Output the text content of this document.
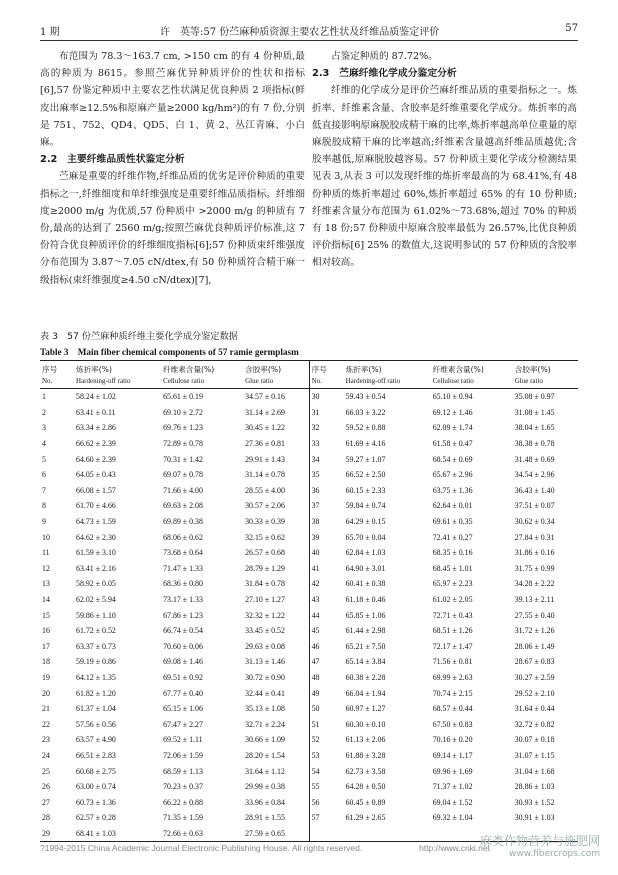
1 期	许　英等:57 份苎麻种质资源主要农艺性状及纤维品质鉴定评价	57

布范围为 78.3～163.7 cm, >150 cm 的有 4 份种质,最高的种质为 8615。参照苎麻优异种质评价的性状和指标[6],57 份鉴定种质中主要农艺性状满足优良种质 2 项指标(鲜皮出麻率≥12.5%和原麻产量≥2000 kg/hm²)的有 7 份,分别是 751、752、QD4、QD5、白 1、黄 2、丛江青麻、小白麻。

2.2　主要纤维品质性状鉴定分析

苎麻是重要的纤维作物,纤维品质的优劣是评价种质的重要指标之一,纤维细度和单纤维强度是重要纤维品质指标。纤维细度≥2000 m/g 为优质,57 份种质中 >2000 m/g 的种质有 7 份,最高的达到了 2560 m/g;按照苎麻优良种质评价标准,这 7 份符合优良种质评价的纤维细度指标[6];57 份种质束纤维强度分布范围为 3.87～7.05 cN/dtex,有 50 份种质符合精干麻一级指标(束纤维强度≥4.50 cN/dtex)[7],

占鉴定种质的 87.72%。

2.3　苎麻纤维化学成分鉴定分析

纤维的化学成分是评价苎麻纤维品质的重要指标之一。炼折率、纤维素含量、含胶率是纤维重要化学成分。炼折率的高低直接影响原麻脱胶成精干麻的比率,炼折率越高单位重量的原麻脱胶成精干麻的比率越高;纤维素含量越高纤维品质越优;含胶率越低,原麻脱胶越容易。57 份种质主要化学成分检测结果见表 3,从表 3 可以发现纤维的炼折率最高的为 68.41%,有 48 份种质的炼折率超过 60%,炼折率超过 65% 的有 10 份种质;纤维素含量分布范围为 61.02%～73.68%,超过 70% 的种质有 18 份;57 份种质中原麻含胶率最低为 26.57%,比优良种质评价指标[6] 25% 的数值大,这说明参试的 57 份种质的含胶率相对较高。

表 3　57 份苎麻种质纤维主要化学成分鉴定数据
Table 3　Main fiber chemical components of 57 ramie germplasm
序号	炼折率(%)	纤维素含量(%)	含胶率(%)	序号	炼折率(%)	纤维素含量(%)	含胶率(%)
No.	Hardening-off ratio	Cellulose ratio	Glue ratio	No.	Hardening-off ratio	Cellulose ratio	Glue ratio
1	58.24 ± 1.02	65.61 ± 0.19	34.57 ± 0.16	30	59.43 ± 0.54	65.10 ± 0.94	35.08 ± 0.97
2	63.41 ± 0.11	69.10 ± 2.72	31.14 ± 2.69	31	66.03 ± 3.22	69.12 ± 1.46	31.08 ± 1.45
3	63.34 ± 2.86	69.76 ± 1.23	30.45 ± 1.22	32	59.52 ± 0.88	62.09 ± 1.74	38.04 ± 1.65
4	66.62 ± 2.39	72.89 ± 0.78	27.36 ± 0.81	33	61.69 ± 4.16	61.58 ± 0.47	38.38 ± 0.78
5	64.60 ± 2.39	70.31 ± 1.42	29.91 ± 1.43	34	59.27 ± 1.07	68.54 ± 0.69	31.48 ± 0.69
6	64.05 ± 0.43	69.07 ± 0.78	31.14 ± 0.78	35	66.52 ± 2.50	65.67 ± 2.96	34.54 ± 2.96
7	66.08 ± 1.57	71.66 ± 4.00	28.55 ± 4.00	36	60.15 ± 2.33	63.75 ± 1.36	36.43 ± 1.40
8	61.70 ± 4.66	69.63 ± 2.08	30.57 ± 2.06	37	59.84 ± 0.74	62.64 ± 0.01	37.51 ± 0.07
9	64.73 ± 1.59	69.89 ± 0.38	30.33 ± 0.39	38	64.29 ± 0.15	69.61 ± 0.35	30.62 ± 0.34
10	64.62 ± 2.30	68.06 ± 0.62	32.15 ± 0.62	39	65.70 ± 0.04	72.41 ± 0.27	27.84 ± 0.31
11	61.59 ± 3.10	73.68 ± 0.64	26.57 ± 0.68	40	62.84 ± 1.03	68.35 ± 0.16	31.86 ± 0.16
12	63.41 ± 2.16	71.47 ± 1.33	28.79 ± 1.29	41	64.90 ± 3.01	68.45 ± 1.01	31.75 ± 0.99
13	58.92 ± 0.05	68.36 ± 0.80	31.84 ± 0.78	42	60.41 ± 0.38	65.97 ± 2.23	34.28 ± 2.22
14	62.02 ± 5.94	73.17 ± 1.33	27.10 ± 1.27	43	61.18 ± 0.46	61.02 ± 2.05	39.13 ± 2.11
15	59.86 ± 1.10	67.86 ± 1.23	32.32 ± 1.22	44	65.85 ± 1.06	72.71 ± 0.43	27.55 ± 0.40
16	61.72 ± 0.52	66.74 ± 0.54	33.45 ± 0.52	45	61.44 ± 2.98	68.51 ± 1.26	31.72 ± 1.26
17	63.37 ± 0.73	70.60 ± 0.06	29.63 ± 0.08	46	65.21 ± 7.50	72.17 ± 1.47	28.06 ± 1.49
18	59.19 ± 0.86	69.08 ± 1.46	31.13 ± 1.46	47	65.14 ± 3.84	71.56 ± 0.81	28.67 ± 0.83
19	64.12 ± 1.35	69.51 ± 0.92	30.72 ± 0.90	48	60.38 ± 2.28	69.99 ± 2.63	30.27 ± 2.59
20	61.82 ± 1.20	67.77 ± 0.40	32.44 ± 0.41	49	66.04 ± 1.94	70.74 ± 2.15	29.52 ± 2.10
21	61.37 ± 1.04	65.15 ± 1.06	35.13 ± 1.08	50	60.97 ± 1.27	68.57 ± 0.44	31.64 ± 0.44
22	57.56 ± 0.56	67.47 ± 2.27	32.71 ± 2.24	51	60.30 ± 0.10	67.50 ± 0.83	32.72 ± 0.82
23	63.57 ± 4.90	69.52 ± 1.11	30.66 ± 1.09	52	61.13 ± 2.06	70.16 ± 0.20	30.07 ± 0.18
24	66.51 ± 2.83	72.06 ± 1.59	28.20 ± 1.54	53	61.88 ± 3.28	69.14 ± 1.17	31.07 ± 1.15
25	60.68 ± 2.75	68.59 ± 1.13	31.64 ± 1.12	54	62.73 ± 3.58	69.96 ± 1.69	31.04 ± 1.68
26	63.00 ± 0.74	70.23 ± 0.37	29.99 ± 0.38	55	64.28 ± 0.50	71.37 ± 1.02	28.86 ± 1.03
27	60.73 ± 1.36	66.22 ± 0.88	33.96 ± 0.84	56	60.45 ± 0.89	69.04 ± 1.52	30.93 ± 1.52
28	62.57 ± 0.28	71.35 ± 1.59	28.91 ± 1.55	57	61.29 ± 2.65	69.32 ± 1.04	30.91 ± 1.03
29	68.41 ± 1.03	72.66 ± 0.63	27.59 ± 0.65				
?1994-2015 China Academic Journal Electronic Publishing House. All rights reserved.	http://www.cnki.net
麻类作物营养与施肥网
www.fibercrops.com
